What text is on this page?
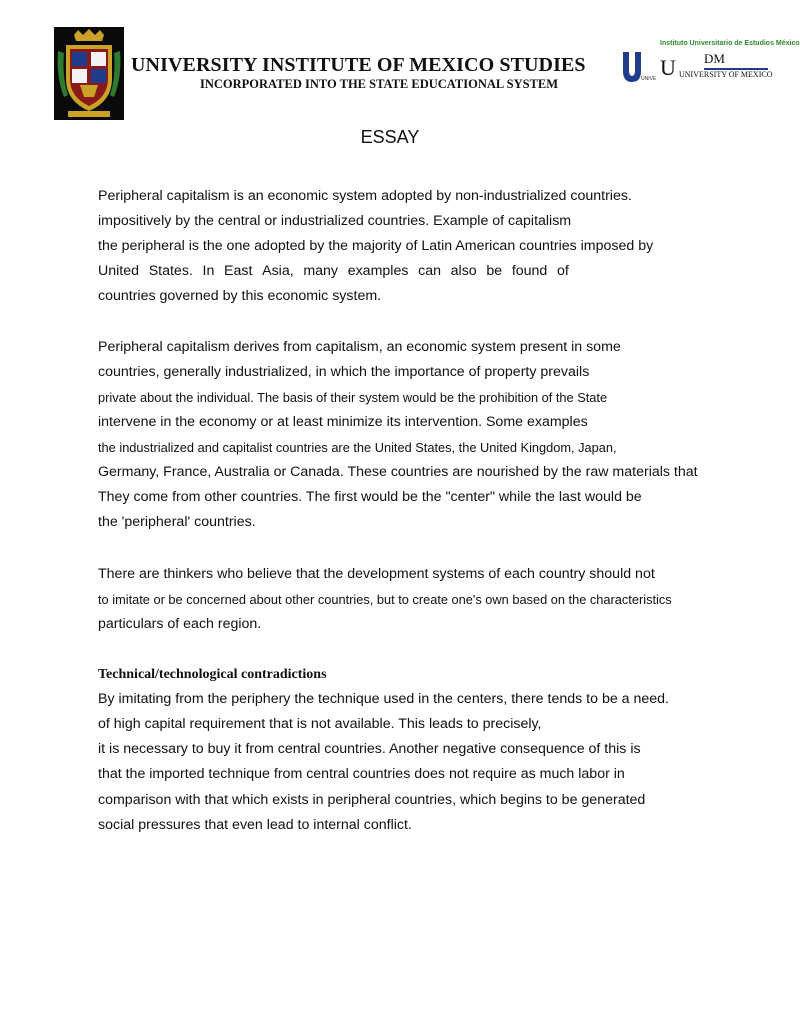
UNIVERSITY INSTITUTE OF MEXICO STUDIES

INCORPORATED INTO THE STATE EDUCATIONAL SYSTEM

Instituto Universitario de Estudios México
U DM
UNIVE	UNIVERSITY OF MEXICO
ESSAY

Peripheral capitalism is an economic system adopted by non-industrialized countries.

impositively by the central or industrialized countries. Example of capitalism

the peripheral is the one adopted by the majority of Latin American countries imposed by

United States. In East Asia, many examples can also be found of

countries governed by this economic system.

Peripheral capitalism derives from capitalism, an economic system present in some

countries, generally industrialized, in which the importance of property prevails

private about the individual. The basis of their system would be the prohibition of the State

intervene in the economy or at least minimize its intervention. Some examples

the industrialized and capitalist countries are the United States, the United Kingdom, Japan,

Germany, France, Australia or Canada. These countries are nourished by the raw materials that

They come from other countries. The first would be the "center" while the last would be

the 'peripheral' countries.

There are thinkers who believe that the development systems of each country should not

to imitate or be concerned about other countries, but to create one's own based on the characteristics

particulars of each region.

Technical/technological contradictions

By imitating from the periphery the technique used in the centers, there tends to be a need.

of high capital requirement that is not available. This leads to precisely,

it is necessary to buy it from central countries. Another negative consequence of this is

that the imported technique from central countries does not require as much labor in

comparison with that which exists in peripheral countries, which begins to be generated

social pressures that even lead to internal conflict.
